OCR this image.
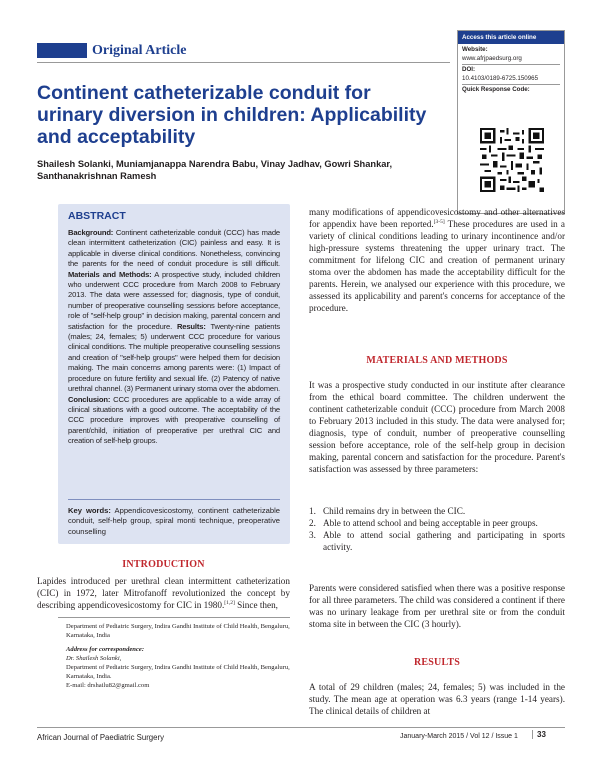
Original Article
Access this article online
Website:
www.afrjpaedsurg.org
DOI:
10.4103/0189-6725.150965
Quick Response Code:
Continent catheterizable conduit for urinary diversion in children: Applicability and acceptability
Shailesh Solanki, Muniamjanappa Narendra Babu, Vinay Jadhav, Gowri Shankar, Santhanakrishnan Ramesh
ABSTRACT
Background: Continent catheterizable conduit (CCC) has made clean intermittent catheterization (CIC) painless and easy. It is applicable in diverse clinical conditions. Nonetheless, convincing the parents for the need of conduit procedure is still difficult. Materials and Methods: A prospective study, included children who underwent CCC procedure from March 2008 to February 2013. The data were assessed for; diagnosis, type of conduit, number of preoperative counselling sessions before acceptance, role of "self-help group" in decision making, parental concern and satisfaction for the procedure. Results: Twenty-nine patients (males; 24, females; 5) underwent CCC procedure for various clinical conditions. The multiple preoperative counselling sessions and creation of "self-help groups" were helped them for decision making. The main concerns among parents were: (1) Impact of procedure on future fertility and sexual life. (2) Patency of native urethral channel. (3) Permanent urinary stoma over the abdomen. Conclusion: CCC procedures are applicable to a wide array of clinical situations with a good outcome. The acceptability of the CCC procedure improves with preoperative counselling of parent/child, initiation of preoperative per urethral CIC and creation of self-help groups.
Key words: Appendicovesicostomy, continent catheterizable conduit, self-help group, spiral monti technique, preoperative counselling
INTRODUCTION
Lapides introduced per urethral clean intermittent catheterization (CIC) in 1972, later Mitrofanoff revolutionized the concept by describing appendicovesicostomy for CIC in 1980.[1,2] Since then,
Department of Pediatric Surgery, Indira Gandhi Institute of Child Health, Bengaluru, Karnataka, India
Address for correspondence:
Dr. Shailesh Solanki,
Department of Pediatric Surgery, Indira Gandhi Institute of Child Health, Bengaluru, Karnataka, India.
E-mail: drshailu82@gmail.com
many modifications of appendicovesicostomy and other alternatives for appendix have been reported.[3-5] These procedures are used in a variety of clinical conditions leading to urinary incontinence and/or high-pressure systems threatening the upper urinary tract. The commitment for lifelong CIC and creation of permanent urinary stoma over the abdomen has made the acceptability difficult for the parents. Herein, we analysed our experience with this procedure, we assessed its applicability and parent's concerns for acceptance of the procedure.
MATERIALS AND METHODS
It was a prospective study conducted in our institute after clearance from the ethical board committee. The children underwent the continent catheterizable conduit (CCC) procedure from March 2008 to February 2013 included in this study. The data were analysed for; diagnosis, type of conduit, number of preoperative counselling session before acceptance, role of the self-help group in decision making, parental concern and satisfaction for the procedure. Parent's satisfaction was assessed by three parameters:
1. Child remains dry in between the CIC.
2. Able to attend school and being acceptable in peer groups.
3. Able to attend social gathering and participating in sports activity.
Parents were considered satisfied when there was a positive response for all three parameters. The child was considered a continent if there was no urinary leakage from per urethral site or from the conduit stoma site in between the CIC (3 hourly).
RESULTS
A total of 29 children (males; 24, females; 5) was included in the study. The mean age at operation was 6.3 years (range 1-14 years). The clinical details of children at
African Journal of Paediatric Surgery	January-March 2015 / Vol 12 / Issue 1	33
